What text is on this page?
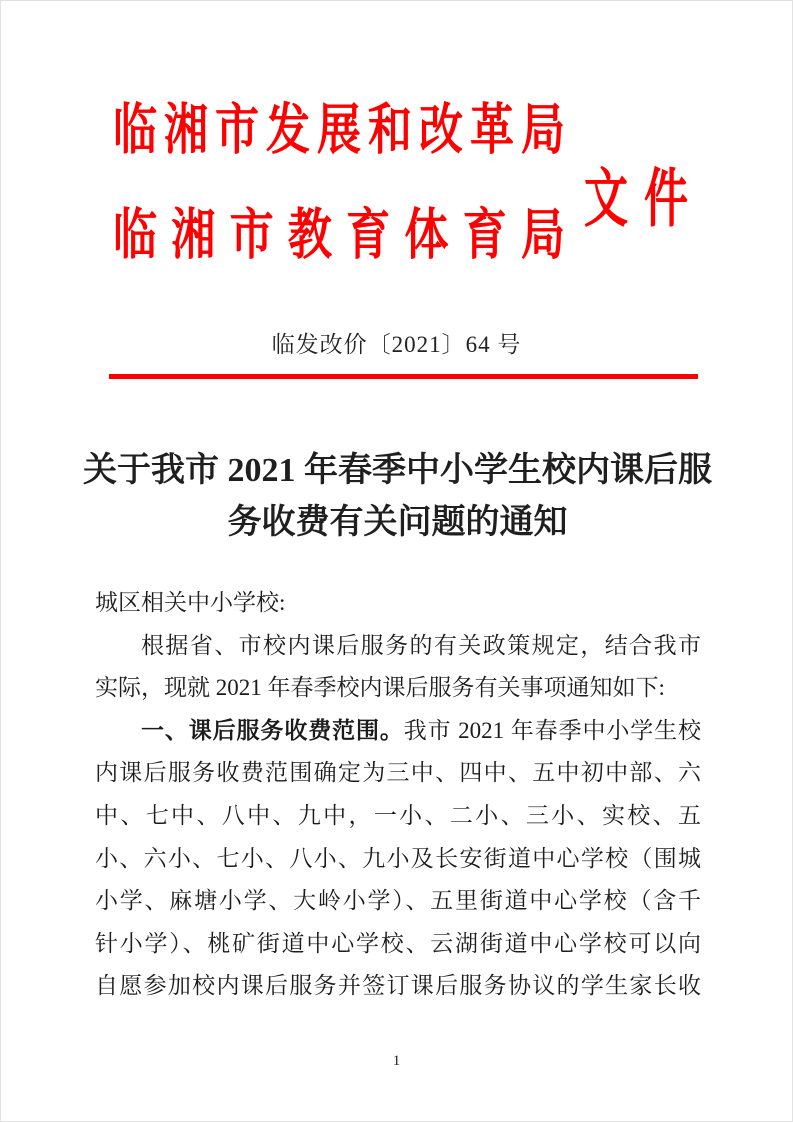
临湘市发展和改革局
临湘市教育体育局
文件
临发改价〔2021〕64 号
关于我市 2021 年春季中小学生校内课后服
务收费有关问题的通知
城区相关中小学校:
根据省、市校内课后服务的有关政策规定，结合我市
实际，现就 2021 年春季校内课后服务有关事项通知如下:
一、课后服务收费范围。我市 2021 年春季中小学生校
内课后服务收费范围确定为三中、四中、五中初中部、六
中、七中、八中、九中，一小、二小、三小、实校、五
小、六小、七小、八小、九小及长安街道中心学校（围城
小学、麻塘小学、大岭小学）、五里街道中心学校（含千
针小学）、桃矿街道中心学校、云湖街道中心学校可以向
自愿参加校内课后服务并签订课后服务协议的学生家长收
1
